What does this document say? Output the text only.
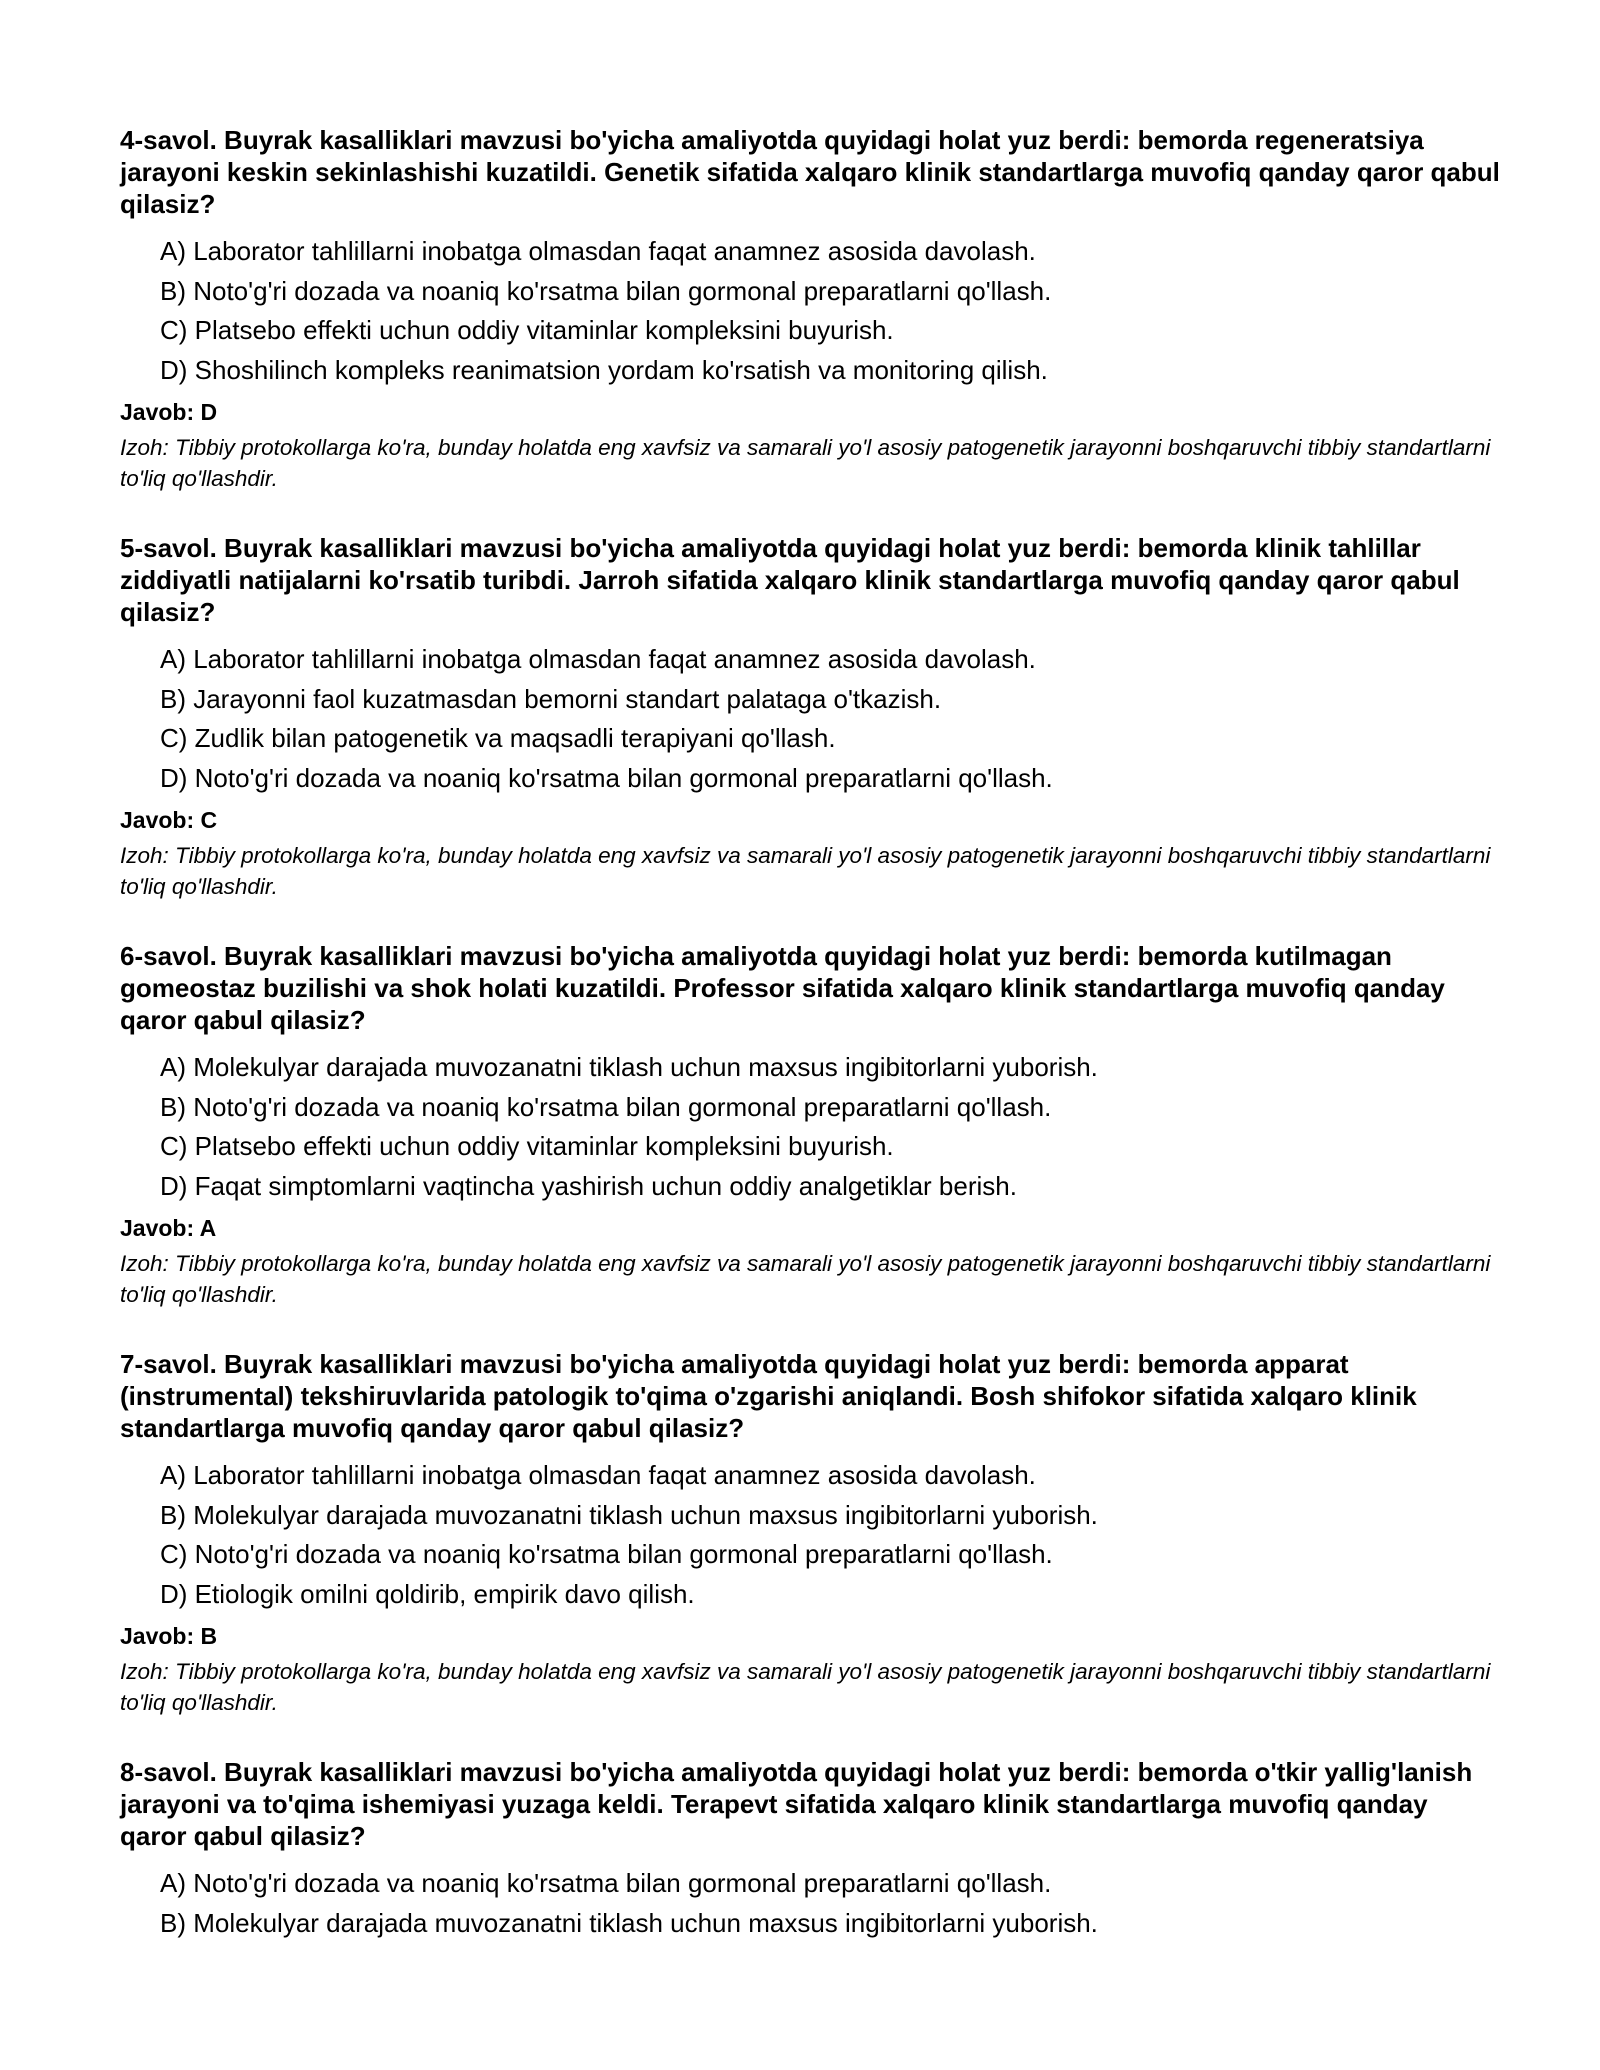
4-savol. Buyrak kasalliklari mavzusi bo'yicha amaliyotda quyidagi holat yuz berdi: bemorda regeneratsiya jarayoni keskin sekinlashishi kuzatildi. Genetik sifatida xalqaro klinik standartlarga muvofiq qanday qaror qabul qilasiz?

A) Laborator tahlillarni inobatga olmasdan faqat anamnez asosida davolash.
B) Noto'g'ri dozada va noaniq ko'rsatma bilan gormonal preparatlarni qo'llash.
C) Platsebo effekti uchun oddiy vitaminlar kompleksini buyurish.
D) Shoshilinch kompleks reanimatsion yordam ko'rsatish va monitoring qilish.

Javob: D

Izoh: Tibbiy protokollarga ko'ra, bunday holatda eng xavfsiz va samarali yo'l asosiy patogenetik jarayonni boshqaruvchi tibbiy standartlarni to'liq qo'llashdir.

5-savol. Buyrak kasalliklari mavzusi bo'yicha amaliyotda quyidagi holat yuz berdi: bemorda klinik tahlillar ziddiyatli natijalarni ko'rsatib turibdi. Jarroh sifatida xalqaro klinik standartlarga muvofiq qanday qaror qabul qilasiz?

A) Laborator tahlillarni inobatga olmasdan faqat anamnez asosida davolash.
B) Jarayonni faol kuzatmasdan bemorni standart palataga o'tkazish.
C) Zudlik bilan patogenetik va maqsadli terapiyani qo'llash.
D) Noto'g'ri dozada va noaniq ko'rsatma bilan gormonal preparatlarni qo'llash.

Javob: C

Izoh: Tibbiy protokollarga ko'ra, bunday holatda eng xavfsiz va samarali yo'l asosiy patogenetik jarayonni boshqaruvchi tibbiy standartlarni to'liq qo'llashdir.

6-savol. Buyrak kasalliklari mavzusi bo'yicha amaliyotda quyidagi holat yuz berdi: bemorda kutilmagan gomeostaz buzilishi va shok holati kuzatildi. Professor sifatida xalqaro klinik standartlarga muvofiq qanday qaror qabul qilasiz?

A) Molekulyar darajada muvozanatni tiklash uchun maxsus ingibitorlarni yuborish.
B) Noto'g'ri dozada va noaniq ko'rsatma bilan gormonal preparatlarni qo'llash.
C) Platsebo effekti uchun oddiy vitaminlar kompleksini buyurish.
D) Faqat simptomlarni vaqtincha yashirish uchun oddiy analgetiklar berish.

Javob: A

Izoh: Tibbiy protokollarga ko'ra, bunday holatda eng xavfsiz va samarali yo'l asosiy patogenetik jarayonni boshqaruvchi tibbiy standartlarni to'liq qo'llashdir.

7-savol. Buyrak kasalliklari mavzusi bo'yicha amaliyotda quyidagi holat yuz berdi: bemorda apparat (instrumental) tekshiruvlarida patologik to'qima o'zgarishi aniqlandi. Bosh shifokor sifatida xalqaro klinik standartlarga muvofiq qanday qaror qabul qilasiz?

A) Laborator tahlillarni inobatga olmasdan faqat anamnez asosida davolash.
B) Molekulyar darajada muvozanatni tiklash uchun maxsus ingibitorlarni yuborish.
C) Noto'g'ri dozada va noaniq ko'rsatma bilan gormonal preparatlarni qo'llash.
D) Etiologik omilni qoldirib, empirik davo qilish.

Javob: B

Izoh: Tibbiy protokollarga ko'ra, bunday holatda eng xavfsiz va samarali yo'l asosiy patogenetik jarayonni boshqaruvchi tibbiy standartlarni to'liq qo'llashdir.

8-savol. Buyrak kasalliklari mavzusi bo'yicha amaliyotda quyidagi holat yuz berdi: bemorda o'tkir yallig'lanish jarayoni va to'qima ishemiyasi yuzaga keldi. Terapevt sifatida xalqaro klinik standartlarga muvofiq qanday qaror qabul qilasiz?

A) Noto'g'ri dozada va noaniq ko'rsatma bilan gormonal preparatlarni qo'llash.
B) Molekulyar darajada muvozanatni tiklash uchun maxsus ingibitorlarni yuborish.
